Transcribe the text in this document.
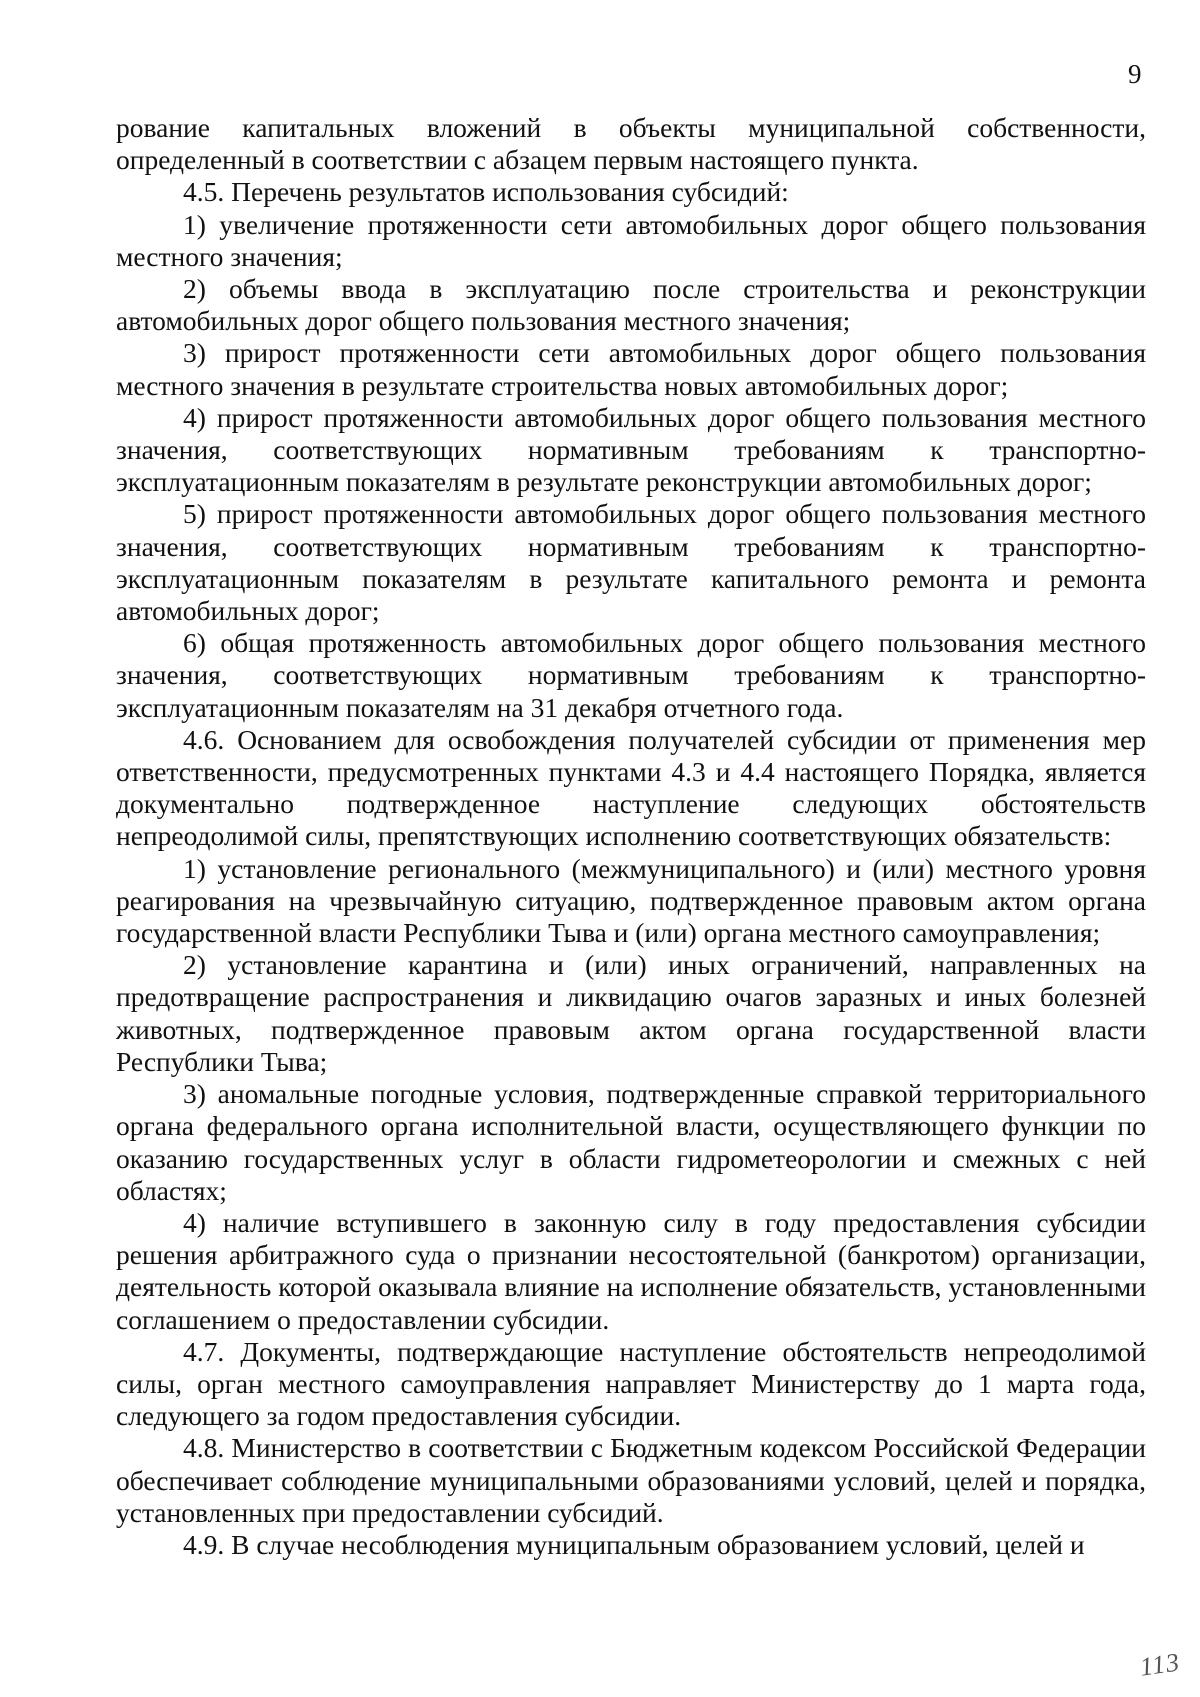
9

рование капитальных вложений в объекты муниципальной собственности, определенный в соответствии с абзацем первым настоящего пункта.

4.5. Перечень результатов использования субсидий:

1) увеличение протяженности сети автомобильных дорог общего пользования местного значения;

2) объемы ввода в эксплуатацию после строительства и реконструкции автомобильных дорог общего пользования местного значения;

3) прирост протяженности сети автомобильных дорог общего пользования местного значения в результате строительства новых автомобильных дорог;

4) прирост протяженности автомобильных дорог общего пользования местного значения, соответствующих нормативным требованиям к транспортно-эксплуатационным показателям в результате реконструкции автомобильных дорог;

5) прирост протяженности автомобильных дорог общего пользования местного значения, соответствующих нормативным требованиям к транспортно-эксплуатационным показателям в результате капитального ремонта и ремонта автомобильных дорог;

6) общая протяженность автомобильных дорог общего пользования местного значения, соответствующих нормативным требованиям к транспортно-эксплуатационным показателям на 31 декабря отчетного года.

4.6. Основанием для освобождения получателей субсидии от применения мер ответственности, предусмотренных пунктами 4.3 и 4.4 настоящего Порядка, является документально подтвержденное наступление следующих обстоятельств непреодолимой силы, препятствующих исполнению соответствующих обязательств:

1) установление регионального (межмуниципального) и (или) местного уровня реагирования на чрезвычайную ситуацию, подтвержденное правовым актом органа государственной власти Республики Тыва и (или) органа местного самоуправления;

2) установление карантина и (или) иных ограничений, направленных на предотвращение распространения и ликвидацию очагов заразных и иных болезней животных, подтвержденное правовым актом органа государственной власти Республики Тыва;

3) аномальные погодные условия, подтвержденные справкой территориального органа федерального органа исполнительной власти, осуществляющего функции по оказанию государственных услуг в области гидрометеорологии и смежных с ней областях;

4) наличие вступившего в законную силу в году предоставления субсидии решения арбитражного суда о признании несостоятельной (банкротом) организации, деятельность которой оказывала влияние на исполнение обязательств, установленными соглашением о предоставлении субсидии.

4.7. Документы, подтверждающие наступление обстоятельств непреодолимой силы, орган местного самоуправления направляет Министерству до 1 марта года, следующего за годом предоставления субсидии.

4.8. Министерство в соответствии с Бюджетным кодексом Российской Федерации обеспечивает соблюдение муниципальными образованиями условий, целей и порядка, установленных при предоставлении субсидий.

4.9. В случае несоблюдения муниципальным образованием условий, целей и

113
